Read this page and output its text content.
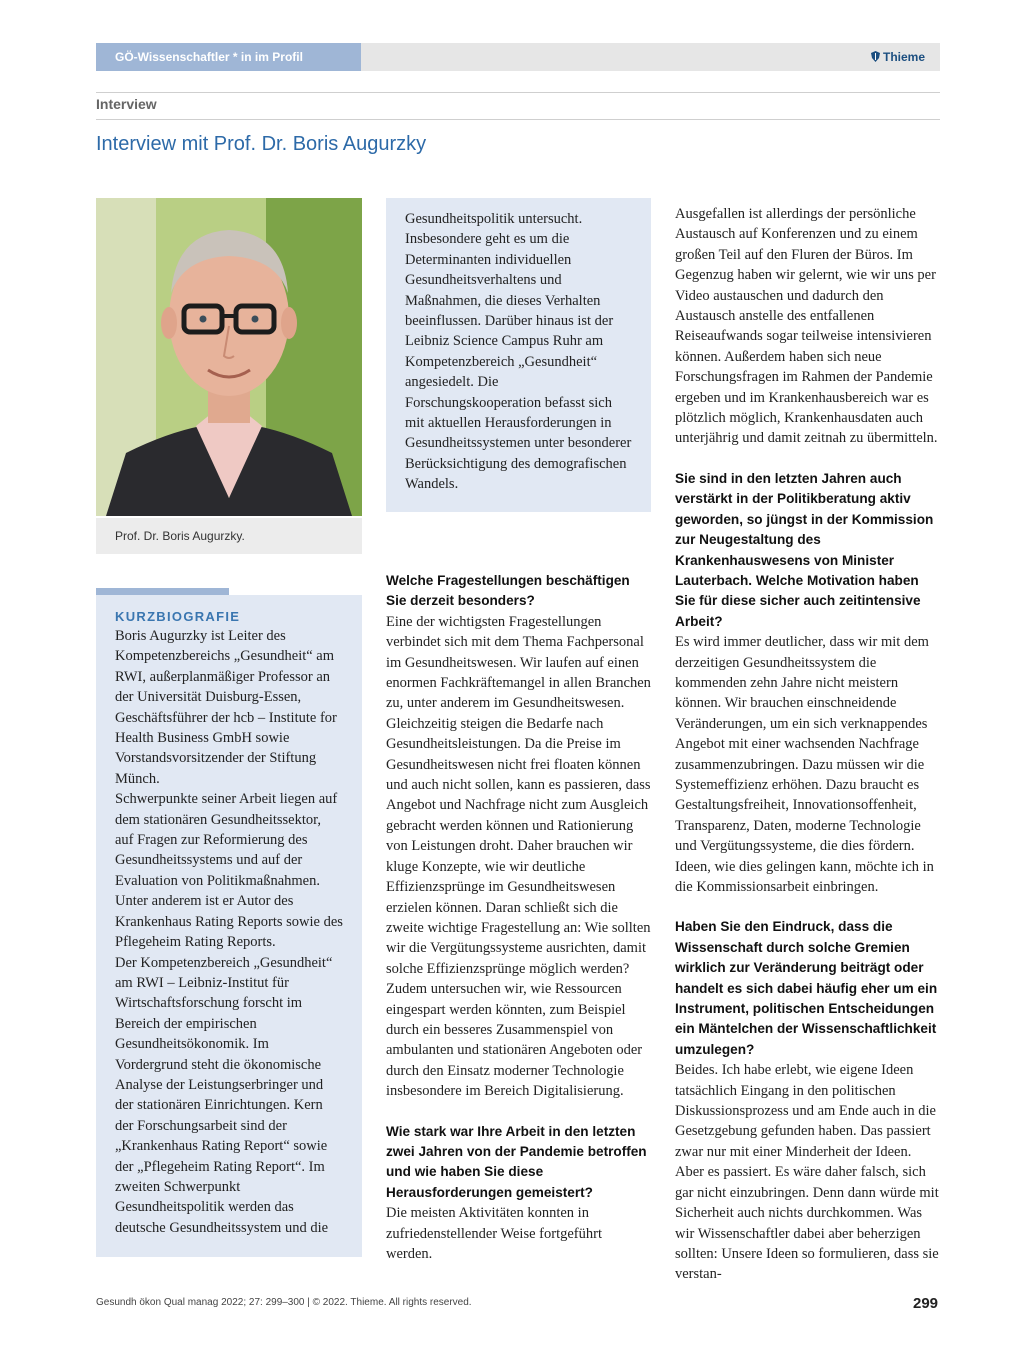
GÖ-Wissenschaftler * in im Profil	Thieme
Interview
Interview mit Prof. Dr. Boris Augurzky
Prof. Dr. Boris Augurzky.
KURZBIOGRAFIE

Boris Augurzky ist Leiter des Kompetenzbereichs „Gesundheit“ am RWI, außerplanmäßiger Professor an der Universität Duisburg-Essen, Geschäftsführer der hcb – Institute for Health Business GmbH sowie Vorstandsvorsitzender der Stiftung Münch.

Schwerpunkte seiner Arbeit liegen auf dem stationären Gesundheitssektor, auf Fragen zur Reformierung des Gesundheitssystems und auf der Evaluation von Politikmaßnahmen. Unter anderem ist er Autor des Krankenhaus Rating Reports sowie des Pflegeheim Rating Reports.

Der Kompetenzbereich „Gesundheit“ am RWI – Leibniz-Institut für Wirtschaftsforschung forscht im Bereich der empirischen Gesundheitsökonomik. Im Vordergrund steht die ökonomische Analyse der Leistungserbringer und der stationären Einrichtungen. Kern der Forschungsarbeit sind der „Krankenhaus Rating Report“ sowie der „Pflegeheim Rating Report“. Im zweiten Schwerpunkt Gesundheitspolitik werden das deutsche Gesundheitssystem und die

Gesundheitspolitik untersucht. Insbesondere geht es um die Determinanten individuellen Gesundheitsverhaltens und Maßnahmen, die dieses Verhalten beeinflussen. Darüber hinaus ist der Leibniz Science Campus Ruhr am Kompetenzbereich „Gesundheit“ angesiedelt. Die Forschungskooperation befasst sich mit aktuellen Herausforderungen in Gesundheitssystemen unter besonderer Berücksichtigung des demografischen Wandels.
Welche Fragestellungen beschäftigen Sie derzeit besonders?
Eine der wichtigsten Fragestellungen verbindet sich mit dem Thema Fachpersonal im Gesundheitswesen. Wir laufen auf einen enormen Fachkräftemangel in allen Branchen zu, unter anderem im Gesundheitswesen. Gleichzeitig steigen die Bedarfe nach Gesundheitsleistungen. Da die Preise im Gesundheitswesen nicht frei floaten können und auch nicht sollen, kann es passieren, dass Angebot und Nachfrage nicht zum Ausgleich gebracht werden können und Rationierung von Leistungen droht. Daher brauchen wir kluge Konzepte, wie wir deutliche Effizienzsprünge im Gesundheitswesen erzielen können. Daran schließt sich die zweite wichtige Fragestellung an: Wie sollten wir die Vergütungssysteme ausrichten, damit solche Effizienzsprünge möglich werden? Zudem untersuchen wir, wie Ressourcen eingespart werden könnten, zum Beispiel durch ein besseres Zusammenspiel von ambulanten und stationären Angeboten oder durch den Einsatz moderner Technologie insbesondere im Bereich Digitalisierung.
Wie stark war Ihre Arbeit in den letzten zwei Jahren von der Pandemie betroffen und wie haben Sie diese Herausforderungen gemeistert?
Die meisten Aktivitäten konnten in zufriedenstellender Weise fortgeführt werden.
Ausgefallen ist allerdings der persönliche Austausch auf Konferenzen und zu einem großen Teil auf den Fluren der Büros. Im Gegenzug haben wir gelernt, wie wir uns per Video austauschen und dadurch den Austausch anstelle des entfallenen Reiseaufwands sogar teilweise intensivieren können. Außerdem haben sich neue Forschungsfragen im Rahmen der Pandemie ergeben und im Krankenhausbereich war es plötzlich möglich, Krankenhausdaten auch unterjährig und damit zeitnah zu übermitteln.
Sie sind in den letzten Jahren auch verstärkt in der Politikberatung aktiv geworden, so jüngst in der Kommission zur Neugestaltung des Krankenhauswesens von Minister Lauterbach. Welche Motivation haben Sie für diese sicher auch zeitintensive Arbeit?
Es wird immer deutlicher, dass wir mit dem derzeitigen Gesundheitssystem die kommenden zehn Jahre nicht meistern können. Wir brauchen einschneidende Veränderungen, um ein sich verknappendes Angebot mit einer wachsenden Nachfrage zusammenzubringen. Dazu müssen wir die Systemeffizienz erhöhen. Dazu braucht es Gestaltungsfreiheit, Innovationsoffenheit, Transparenz, Daten, moderne Technologie und Vergütungssysteme, die dies fördern. Ideen, wie dies gelingen kann, möchte ich in die Kommissionsarbeit einbringen.
Haben Sie den Eindruck, dass die Wissenschaft durch solche Gremien wirklich zur Veränderung beiträgt oder handelt es sich dabei häufig eher um ein Instrument, politischen Entscheidungen ein Mäntelchen der Wissenschaftlichkeit umzulegen?
Beides. Ich habe erlebt, wie eigene Ideen tatsächlich Eingang in den politischen Diskussionsprozess und am Ende auch in die Gesetzgebung gefunden haben. Das passiert zwar nur mit einer Minderheit der Ideen. Aber es passiert. Es wäre daher falsch, sich gar nicht einzubringen. Denn dann würde mit Sicherheit auch nichts durchkommen. Was wir Wissenschaftler dabei aber beherzigen sollten: Unsere Ideen so formulieren, dass sie verstan-
Gesundh ökon Qual manag 2022; 27: 299–300 | © 2022. Thieme. All rights reserved.	299
